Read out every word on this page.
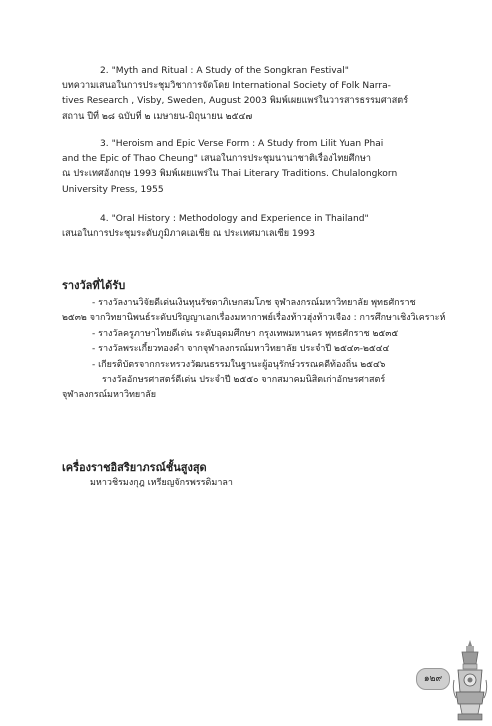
2. "Myth and Ritual : A Study of the Songkran Festival"
บทความเสนอในการประชุมวิชาการจัดโดย International Society of Folk Narra-
tives Research , Visby, Sweden, August 2003 พิมพ์เผยแพร่ในวารสารธรรมศาสตร์
สถาน ปีที่ ๒๘ ฉบับที่ ๒ เมษายน-มิถุนายน ๒๕๔๗
3. "Heroism and Epic Verse Form : A Study from Lilit Yuan Phai
and the Epic of Thao Cheung" เสนอในการประชุมนานาชาติเรื่องไทยศึกษา
ณ ประเทศอังกฤษ 1993 พิมพ์เผยแพร่ใน Thai Literary Traditions. Chulalongkorn
University Press, 1955
4. "Oral History : Methodology and Experience in Thailand"
เสนอในการประชุมระดับภูมิภาคเอเชีย ณ ประเทศมาเลเซีย 1993
รางวัลที่ได้รับ
- รางวัลงานวิจัยดีเด่นเงินทุนรัชดาภิเษกสมโภช จุฬาลงกรณ์มหาวิทยาลัย พุทธศักราช
๒๕๓๒ จากวิทยานิพนธ์ระดับปริญญาเอกเรื่องมหากาพย์เรื่องท้าวฮุ่งท้าวเจือง : การศึกษาเชิงวิเคราะห์
- รางวัลครูภาษาไทยดีเด่น ระดับอุดมศึกษา กรุงเทพมหานคร พุทธศักราช ๒๕๓๕
- รางวัลพระเกี้ยวทองคำ จากจุฬาลงกรณ์มหาวิทยาลัย ประจำปี ๒๕๔๓-๒๕๔๔
- เกียรติบัตรจากกระทรวงวัฒนธรรมในฐานะผู้อนุรักษ์วรรณคดีท้องถิ่น ๒๕๔๖
รางวัลอักษรศาสตร์ดีเด่น ประจำปี ๒๕๕๐ จากสมาคมนิสิตเก่าอักษรศาสตร์
จุฬาลงกรณ์มหาวิทยาลัย
เครื่องราชอิสริยาภรณ์ชั้นสูงสุด
มหาวชิรมงกุฎ เหรียญจักรพรรดิมาลา
๑๒๙
